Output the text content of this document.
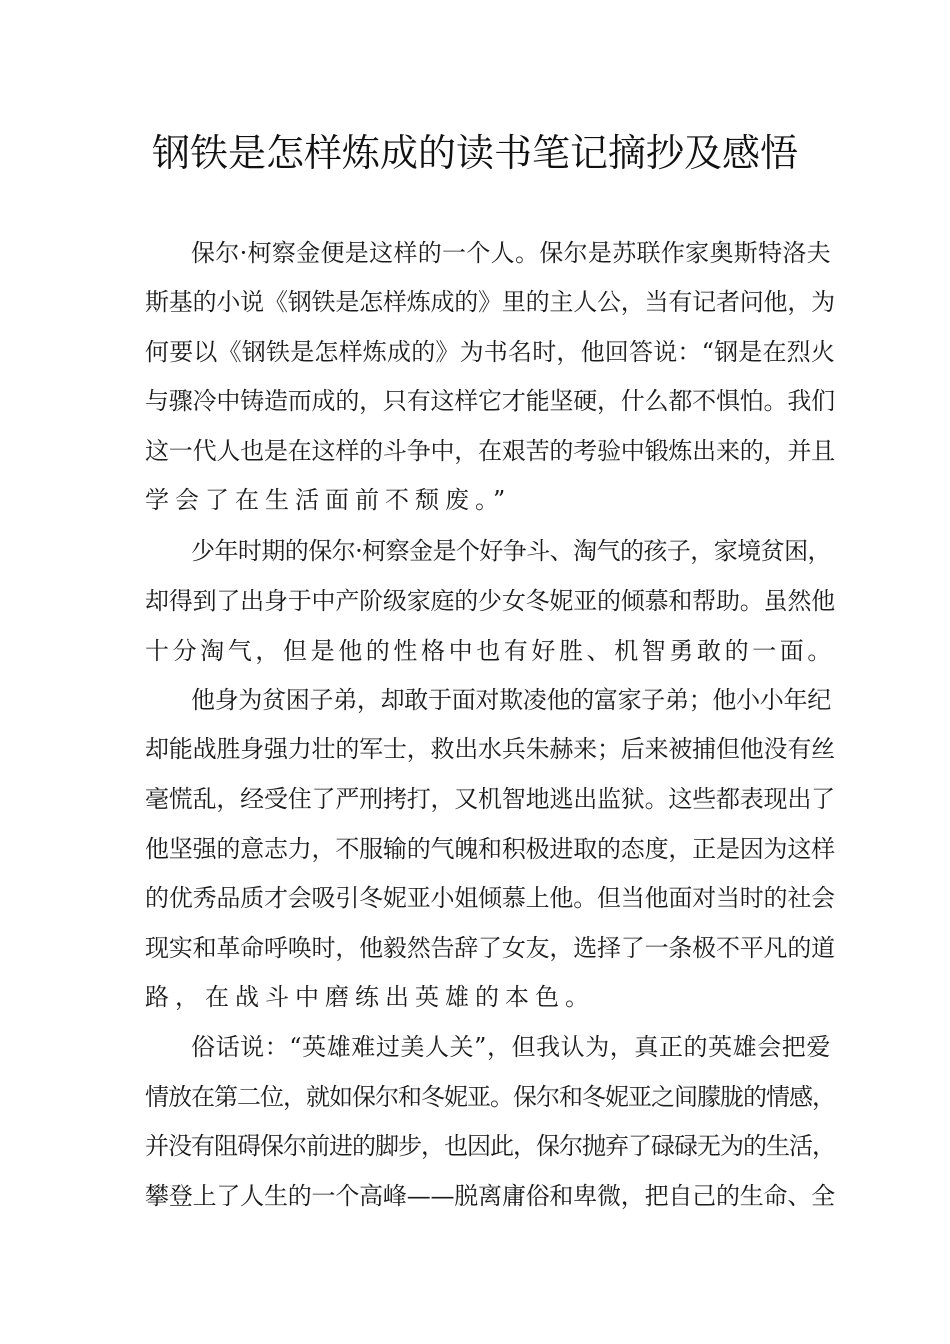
钢铁是怎样炼成的读书笔记摘抄及感悟
保尔·柯察金便是这样的一个人。保尔是苏联作家奥斯特洛夫
斯基的小说《钢铁是怎样炼成的》里的主人公，当有记者问他，为
何要以《钢铁是怎样炼成的》为书名时，他回答说：“钢是在烈火
与骤冷中铸造而成的，只有这样它才能坚硬，什么都不惧怕。我们
这一代人也是在这样的斗争中，在艰苦的考验中锻炼出来的，并且
学会了在生活面前不颓废。”
少年时期的保尔·柯察金是个好争斗、淘气的孩子，家境贫困，
却得到了出身于中产阶级家庭的少女冬妮亚的倾慕和帮助。虽然他
十分淘气，但是他的性格中也有好胜、机智勇敢的一面。
他身为贫困子弟，却敢于面对欺凌他的富家子弟；他小小年纪
却能战胜身强力壮的军士，救出水兵朱赫来；后来被捕但他没有丝
毫慌乱，经受住了严刑拷打，又机智地逃出监狱。这些都表现出了
他坚强的意志力，不服输的气魄和积极进取的态度，正是因为这样
的优秀品质才会吸引冬妮亚小姐倾慕上他。但当他面对当时的社会
现实和革命呼唤时，他毅然告辞了女友，选择了一条极不平凡的道
路，在战斗中磨练出英雄的本色。
俗话说：“英雄难过美人关”，但我认为，真正的英雄会把爱
情放在第二位，就如保尔和冬妮亚。保尔和冬妮亚之间朦胧的情感，
并没有阻碍保尔前进的脚步，也因此，保尔抛弃了碌碌无为的生活，
攀登上了人生的一个高峰——脱离庸俗和卑微，把自己的生命、全
